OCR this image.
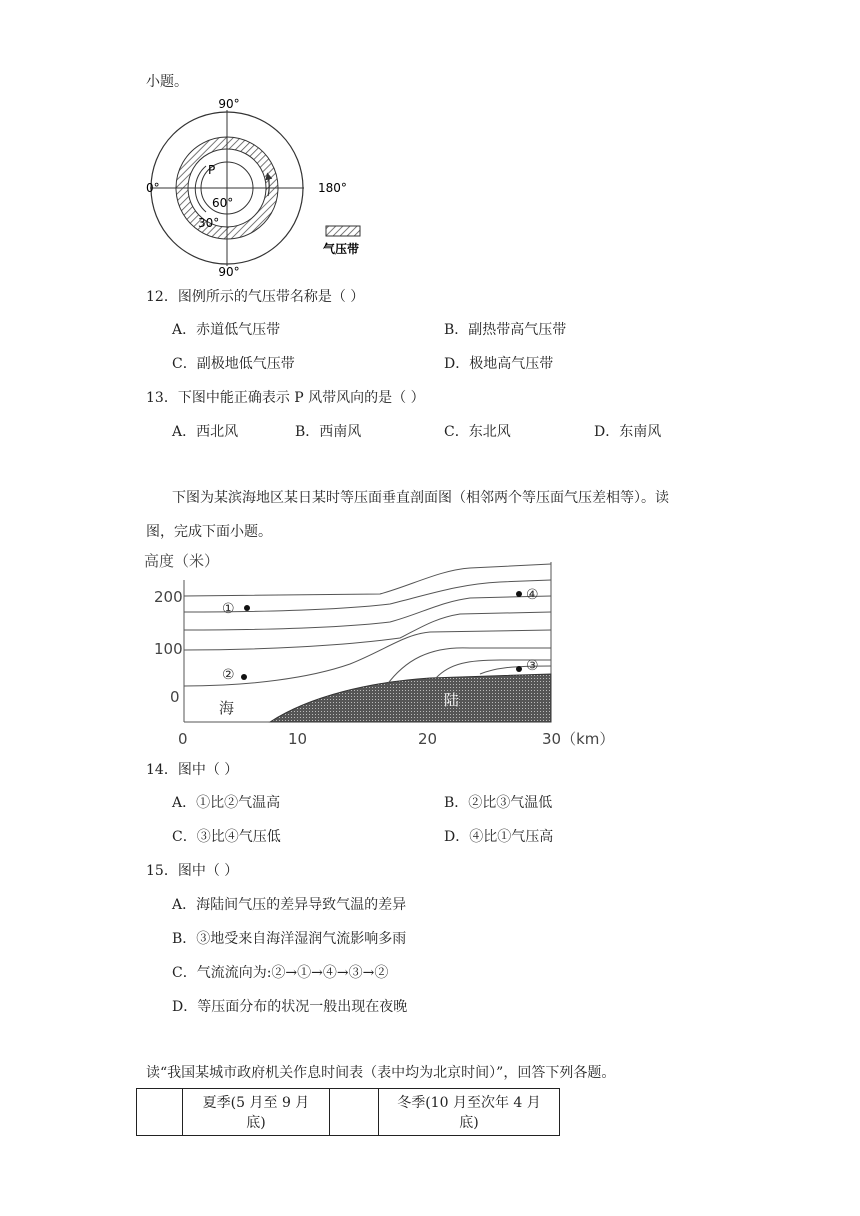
小题。
90°
90°
0°	180°
P
60°
30°
气压带
12．图例所示的气压带名称是（ ）
A．赤道低气压带	B．副热带高气压带
C．副极地低气压带	D．极地高气压带
13．下图中能正确表示 P 风带风向的是（ ）
A．西北风	B．西南风	C．东北风	D．东南风
下图为某滨海地区某日某时等压面垂直剖面图（相邻两个等压面气压差相等）。读
图，完成下面小题。
高度（米）
200
100
0
①
②
③
④
海	陆
0	10	20	30（km）
14．图中（ ）
A．①比②气温高	B．②比③气温低
C．③比④气压低	D．④比①气压高
15．图中（ ）
A．海陆间气压的差异导致气温的差异
B．③地受来自海洋湿润气流影响多雨
C．气流流向为:②→①→④→③→②
D．等压面分布的状况一般出现在夜晚
读“我国某城市政府机关作息时间表（表中均为北京时间）”，回答下列各题。
	夏季(5 月至 9 月底)		冬季(10 月至次年 4 月底)
